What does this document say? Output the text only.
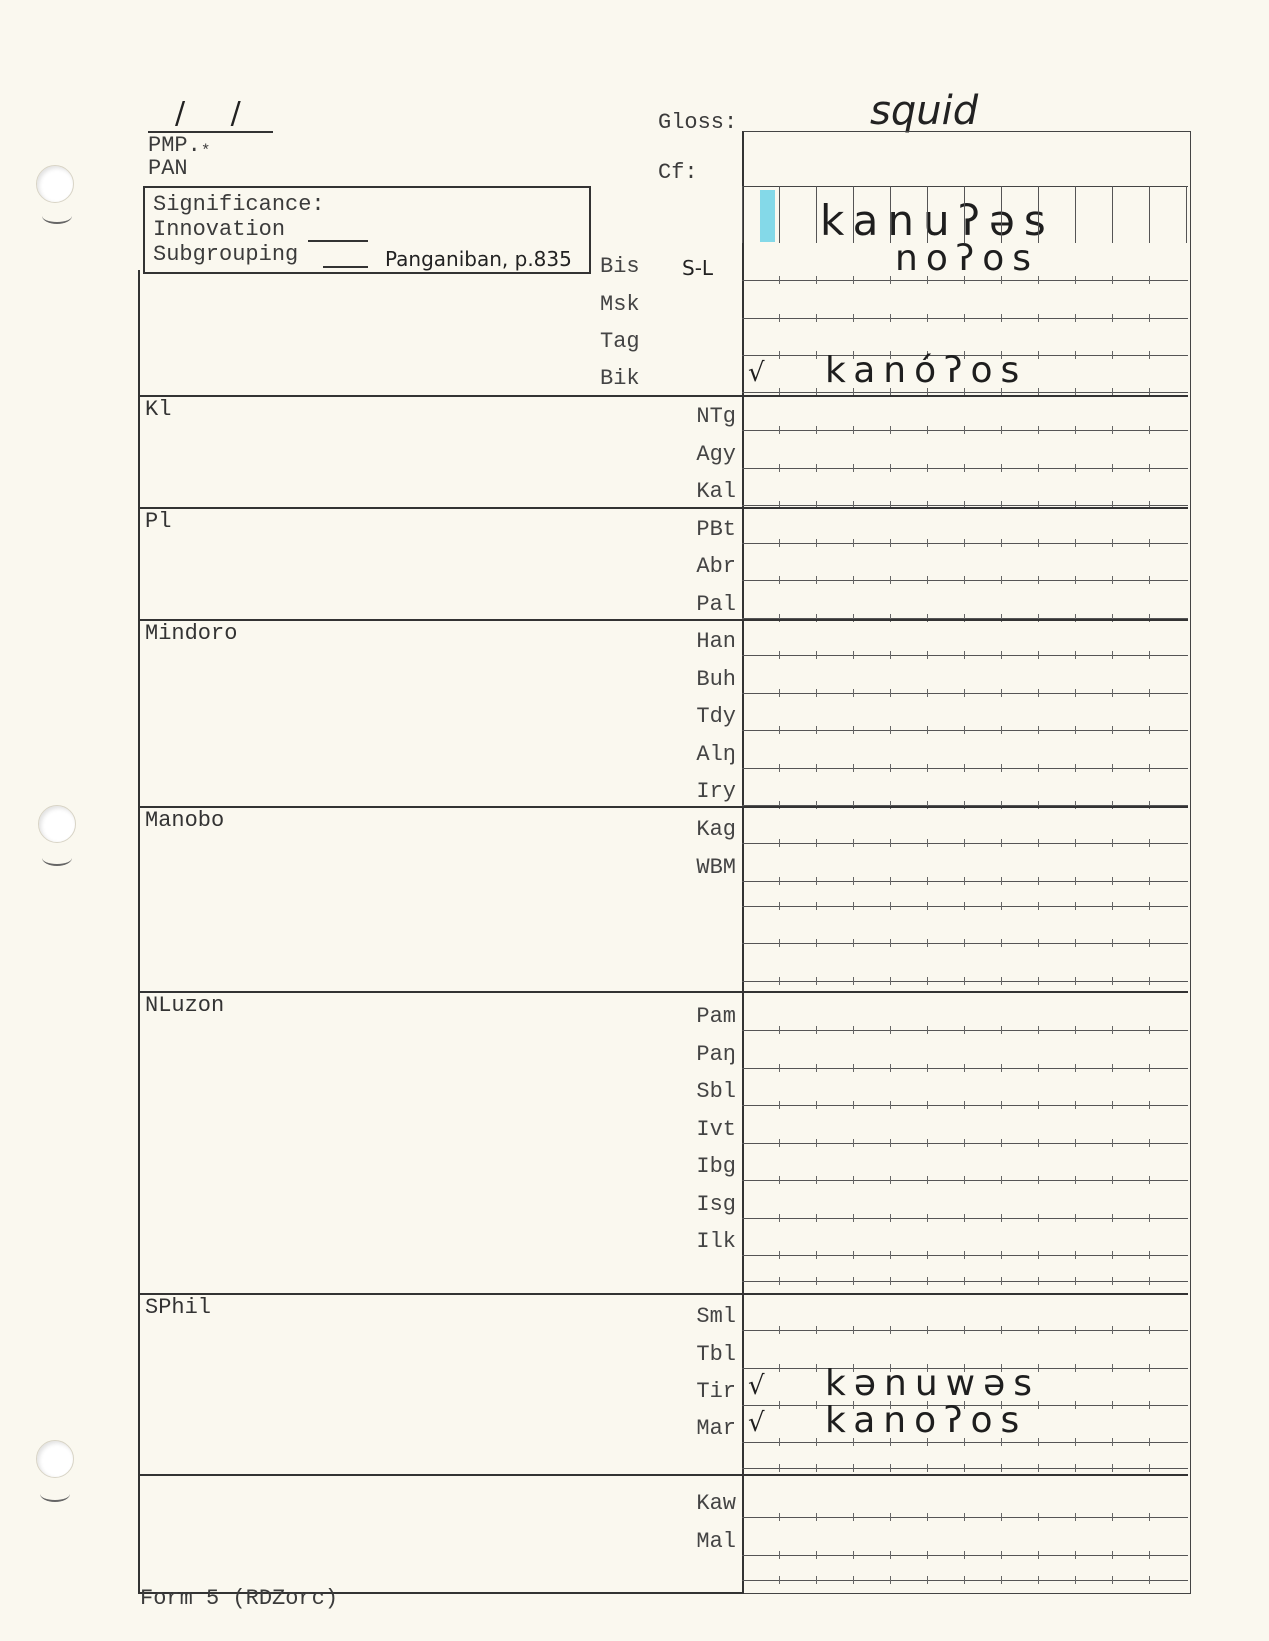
/ /
PMP.*
PAN
Gloss:	squid
Cf:
Significance:
Innovation
Subgrouping	Panganiban, p.835
kanuʔəs
Kl
Pl
Mindoro
Manobo
NLuzon
SPhil
Bis	S-L	noʔos
Msk
Tag
Bik	√ kanóʔos
NTg
Agy
Kal
PBt
Abr
Pal
Han
Buh
Tdy
Alŋ
Iry
Kag
WBM
Pam
Paŋ
Sbl
Ivt
Ibg
Isg
Ilk
Sml
Tbl
Tir √ kənuwəs
Mar √ kanoʔos
Kaw
Mal
Form 5 (RDZorc)
